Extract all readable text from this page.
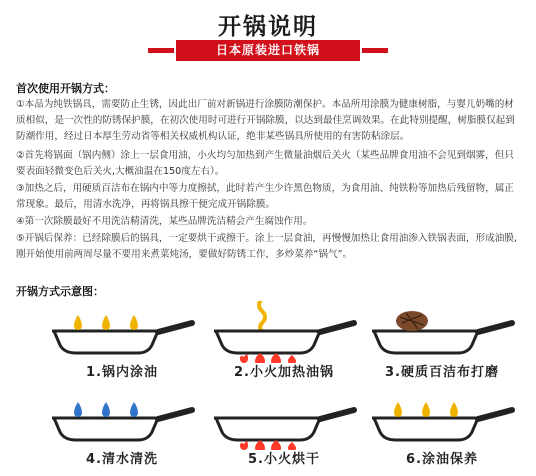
开锅说明
日本原装进口铁锅
首次使用开锅方式：

①本品为纯铁锅具，需要防止生锈，因此出厂前对新锅进行涂膜防潮保护。本品所用涂膜为健康树脂，与婴儿奶嘴的材质相似，是一次性的防锈保护膜，在初次使用时可进行开锅除膜，以达到最佳烹调效果。在此特别提醒，树脂膜仅起到防潮作用，经过日本厚生劳动省等相关权威机构认证，绝非某些锅具所使用的有害防粘涂层。

②首先将锅面（锅内侧）涂上一层食用油，小火均匀加热到产生微量油烟后关火（某些品牌食用油不会见到烟雾，但只要表面轻微变色后关火,大概油温在150度左右）。

③加热之后，用硬质百洁布在锅内中等力度擦拭，此时若产生少许黑色物质，为食用油、纯铁粉等加热后残留物，属正常现象。最后，用清水洗净，再将锅具擦干便完成开锅除膜。

④第一次除膜最好不用洗洁精清洗，某些品牌洗洁精会产生腐蚀作用。

⑤开锅后保养：已经除膜后的锅具，一定要烘干或擦干。涂上一层食油，再慢慢加热让食用油渗入铁锅表面，形成油膜,刚开始使用前两周尽量不要用来煮菜炖汤，要做好防锈工作，多炒菜养“锅气”。

开锅方式示意图：
1.锅内涂油	2.小火加热油锅	3.硬质百洁布打磨
4.清水清洗	5.小火烘干	6.涂油保养
